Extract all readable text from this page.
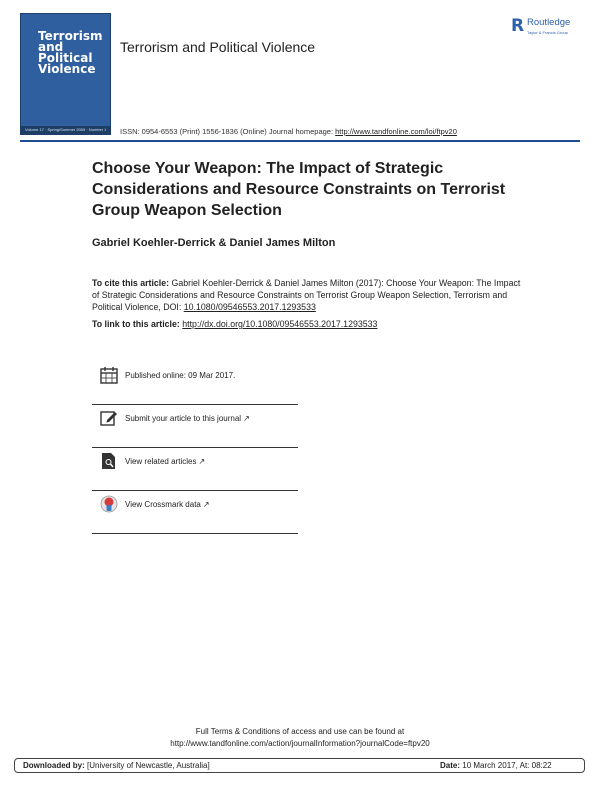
Terrorism
and
Political
Violence
Volume 17 · Spring/Summer 2005 · Number 1
Terrorism and Political Violence
R Routledge
Taylor & Francis Group
ISSN: 0954-6553 (Print) 1556-1836 (Online) Journal homepage: http://www.tandfonline.com/loi/ftpv20
Choose Your Weapon: The Impact of Strategic Considerations and Resource Constraints on Terrorist Group Weapon Selection
Gabriel Koehler-Derrick & Daniel James Milton
To cite this article: Gabriel Koehler-Derrick & Daniel James Milton (2017): Choose Your Weapon: The Impact of Strategic Considerations and Resource Constraints on Terrorist Group Weapon Selection, Terrorism and Political Violence, DOI: 10.1080/09546553.2017.1293533
To link to this article: http://dx.doi.org/10.1080/09546553.2017.1293533
Published online: 09 Mar 2017.
Submit your article to this journal ↗
View related articles ↗
View Crossmark data ↗
Full Terms & Conditions of access and use can be found at
http://www.tandfonline.com/action/journalInformation?journalCode=ftpv20
Downloaded by: [University of Newcastle, Australia]	Date: 10 March 2017, At: 08:22
